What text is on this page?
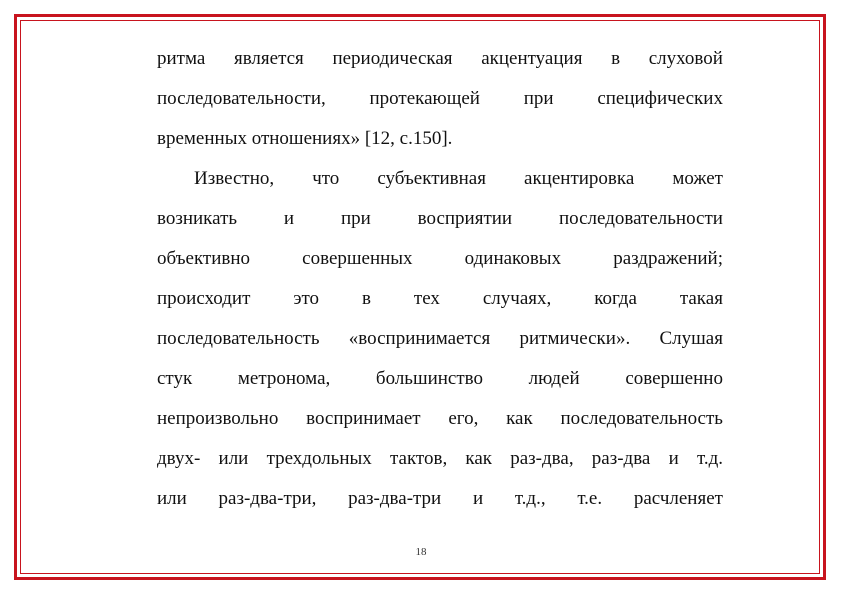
ритма является периодическая акцентуация в слуховой
последовательности, протекающей при специфических
временных отношениях» [12, с.150].
Известно, что субъективная акцентировка может
возникать и при восприятии последовательности
объективно	совершенных	одинаковых	раздражений;
происходит это в тех случаях, когда такая
последовательность «воспринимается ритмически». Слушая
стук метронома, большинство людей совершенно
непроизвольно воспринимает его, как последовательность
двух- или трехдольных тактов, как раз-два, раз-два и т.д.
или раз-два-три, раз-два-три и т.д., т.е. расчленяет
18
